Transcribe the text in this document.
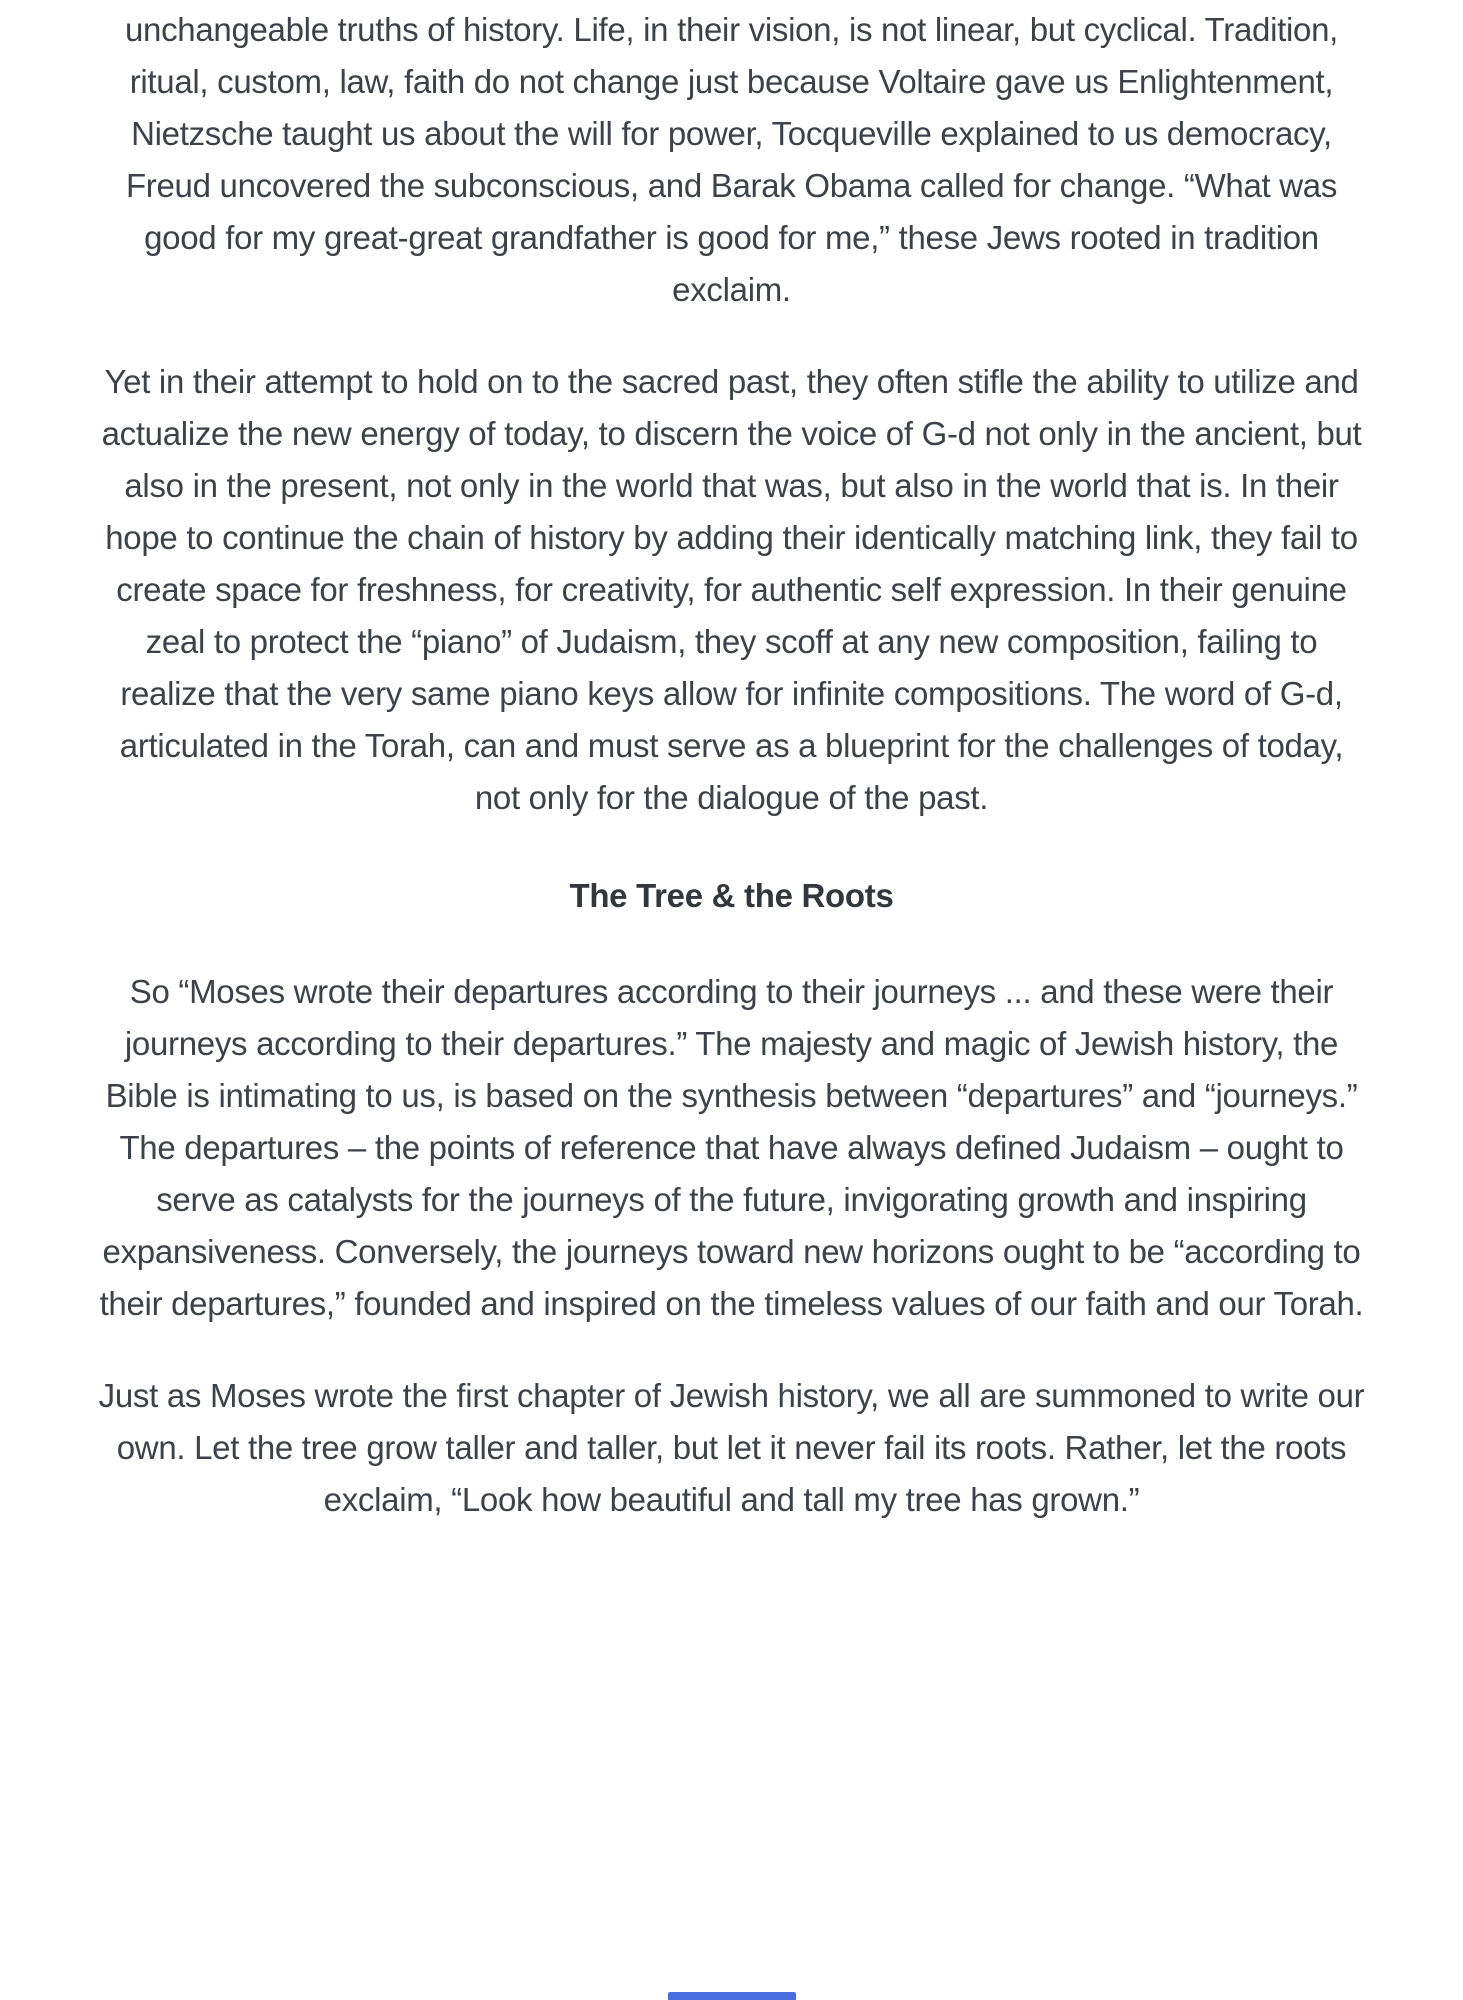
unchangeable truths of history. Life, in their vision, is not linear, but cyclical. Tradition, ritual, custom, law, faith do not change just because Voltaire gave us Enlightenment, Nietzsche taught us about the will for power, Tocqueville explained to us democracy, Freud uncovered the subconscious, and Barak Obama called for change. “What was good for my great-great grandfather is good for me,” these Jews rooted in tradition exclaim.

Yet in their attempt to hold on to the sacred past, they often stifle the ability to utilize and actualize the new energy of today, to discern the voice of G-d not only in the ancient, but also in the present, not only in the world that was, but also in the world that is. In their hope to continue the chain of history by adding their identically matching link, they fail to create space for freshness, for creativity, for authentic self expression. In their genuine zeal to protect the “piano” of Judaism, they scoff at any new composition, failing to realize that the very same piano keys allow for infinite compositions. The word of G-d, articulated in the Torah, can and must serve as a blueprint for the challenges of today, not only for the dialogue of the past.

The Tree & the Roots

So “Moses wrote their departures according to their journeys ... and these were their journeys according to their departures.” The majesty and magic of Jewish history, the Bible is intimating to us, is based on the synthesis between “departures” and “journeys.” The departures – the points of reference that have always defined Judaism – ought to serve as catalysts for the journeys of the future, invigorating growth and inspiring expansiveness. Conversely, the journeys toward new horizons ought to be “according to their departures,” founded and inspired on the timeless values of our faith and our Torah.

Just as Moses wrote the first chapter of Jewish history, we all are summoned to write our own. Let the tree grow taller and taller, but let it never fail its roots. Rather, let the roots exclaim, “Look how beautiful and tall my tree has grown.”
